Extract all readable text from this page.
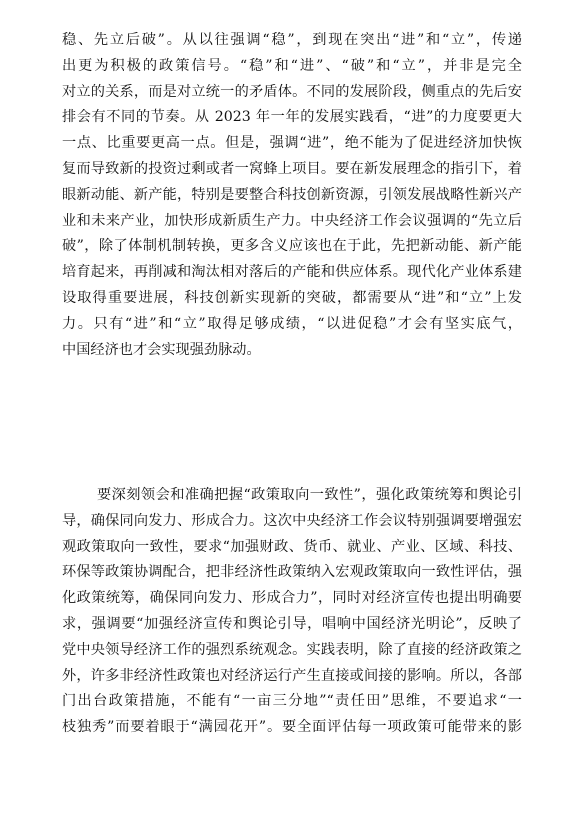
稳、先立后破”。从以往强调“稳”，到现在突出“进”和“立”，传递
出更为积极的政策信号。“稳”和“进”、“破”和“立”，并非是完全
对立的关系，而是对立统一的矛盾体。不同的发展阶段，侧重点的先后安
排会有不同的节奏。从 2023 年一年的发展实践看，“进”的力度要更大
一点、比重要更高一点。但是，强调“进”，绝不能为了促进经济加快恢
复而导致新的投资过剩或者一窝蜂上项目。要在新发展理念的指引下，着
眼新动能、新产能，特别是要整合科技创新资源，引领发展战略性新兴产
业和未来产业，加快形成新质生产力。中央经济工作会议强调的“先立后
破”，除了体制机制转换，更多含义应该也在于此，先把新动能、新产能
培育起来，再削减和淘汰相对落后的产能和供应体系。现代化产业体系建
设取得重要进展，科技创新实现新的突破，都需要从“进”和“立”上发
力。只有“进”和“立”取得足够成绩，“以进促稳”才会有坚实底气，
中国经济也才会实现强劲脉动。
要深刻领会和准确把握“政策取向一致性”，强化政策统筹和舆论引
导，确保同向发力、形成合力。这次中央经济工作会议特别强调要增强宏
观政策取向一致性，要求“加强财政、货币、就业、产业、区域、科技、
环保等政策协调配合，把非经济性政策纳入宏观政策取向一致性评估，强
化政策统筹，确保同向发力、形成合力”，同时对经济宣传也提出明确要
求，强调要“加强经济宣传和舆论引导，唱响中国经济光明论”，反映了
党中央领导经济工作的强烈系统观念。实践表明，除了直接的经济政策之
外，许多非经济性政策也对经济运行产生直接或间接的影响。所以，各部
门出台政策措施，不能有“一亩三分地”“责任田”思维，不要追求“一
枝独秀”而要着眼于“满园花开”。要全面评估每一项政策可能带来的影
